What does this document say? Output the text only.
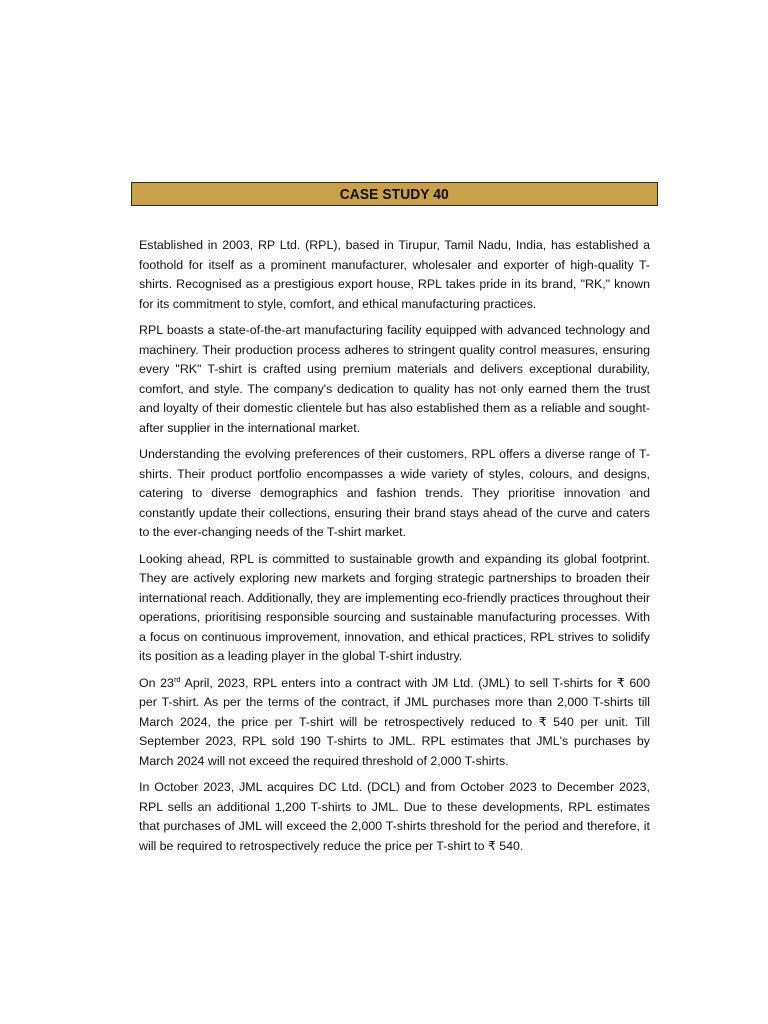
CASE STUDY 40

Established in 2003, RP Ltd. (RPL), based in Tirupur, Tamil Nadu, India, has established a foothold for itself as a prominent manufacturer, wholesaler and exporter of high-quality T-shirts. Recognised as a prestigious export house, RPL takes pride in its brand, "RK," known for its commitment to style, comfort, and ethical manufacturing practices.

RPL boasts a state-of-the-art manufacturing facility equipped with advanced technology and machinery. Their production process adheres to stringent quality control measures, ensuring every "RK" T-shirt is crafted using premium materials and delivers exceptional durability, comfort, and style. The company's dedication to quality has not only earned them the trust and loyalty of their domestic clientele but has also established them as a reliable and sought-after supplier in the international market.

Understanding the evolving preferences of their customers, RPL offers a diverse range of T-shirts. Their product portfolio encompasses a wide variety of styles, colours, and designs, catering to diverse demographics and fashion trends. They prioritise innovation and constantly update their collections, ensuring their brand stays ahead of the curve and caters to the ever-changing needs of the T-shirt market.

Looking ahead, RPL is committed to sustainable growth and expanding its global footprint. They are actively exploring new markets and forging strategic partnerships to broaden their international reach. Additionally, they are implementing eco-friendly practices throughout their operations, prioritising responsible sourcing and sustainable manufacturing processes. With a focus on continuous improvement, innovation, and ethical practices, RPL strives to solidify its position as a leading player in the global T-shirt industry.

On 23rd April, 2023, RPL enters into a contract with JM Ltd. (JML) to sell T-shirts for ₹ 600 per T-shirt. As per the terms of the contract, if JML purchases more than 2,000 T-shirts till March 2024, the price per T-shirt will be retrospectively reduced to ₹ 540 per unit. Till September 2023, RPL sold 190 T-shirts to JML. RPL estimates that JML's purchases by March 2024 will not exceed the required threshold of 2,000 T-shirts.

In October 2023, JML acquires DC Ltd. (DCL) and from October 2023 to December 2023, RPL sells an additional 1,200 T-shirts to JML. Due to these developments, RPL estimates that purchases of JML will exceed the 2,000 T-shirts threshold for the period and therefore, it will be required to retrospectively reduce the price per T-shirt to ₹ 540.
